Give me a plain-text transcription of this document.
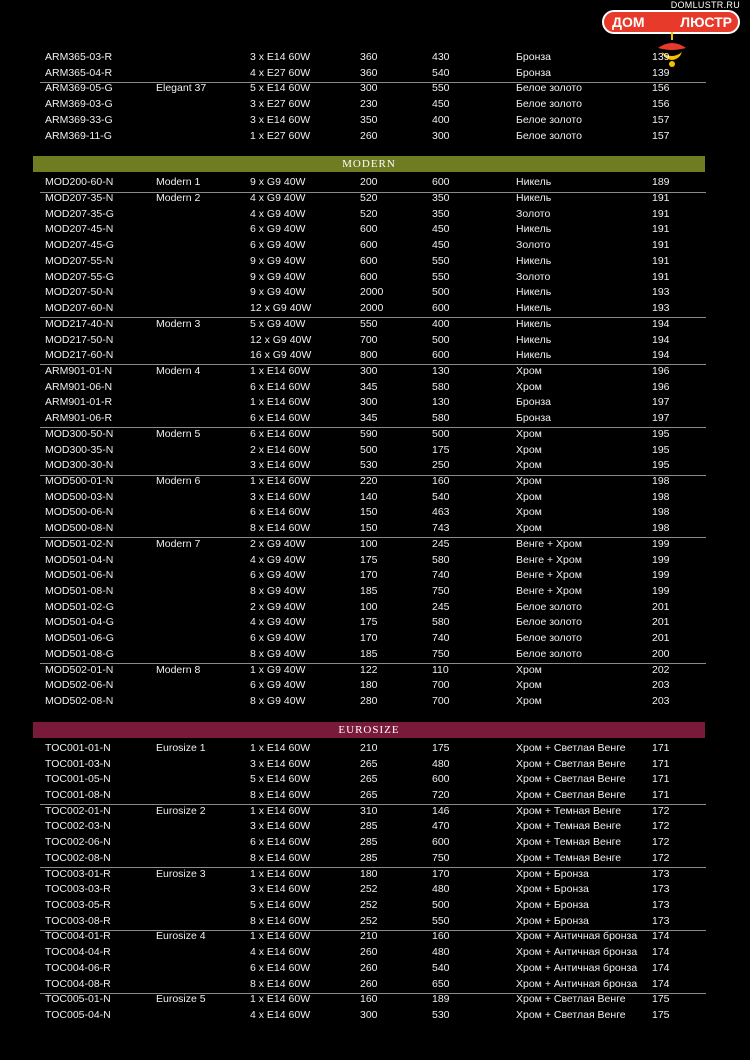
DOMLUSTR.RU
ДОМ	ЛЮСТР
ARM365-03-R	3 x E14 60W	360	430	Бронза	139
ARM365-04-R	4 x E27 60W	360	540	Бронза	139
ARM369-05-G	Elegant 37	5 x E14 60W	300	550	Белое золото	156
ARM369-03-G	3 x E27 60W	230	450	Белое золото	156
ARM369-33-G	3 x E14 60W	350	400	Белое золото	157
ARM369-11-G	1 x E27 60W	260	300	Белое золото	157
MODERN
MOD200-60-N	Modern 1	9 x G9 40W	200	600	Никель	189
MOD207-35-N	Modern 2	4 x G9 40W	520	350	Никель	191
MOD207-35-G	4 x G9 40W	520	350	Золото	191
MOD207-45-N	6 x G9 40W	600	450	Никель	191
MOD207-45-G	6 x G9 40W	600	450	Золото	191
MOD207-55-N	9 x G9 40W	600	550	Никель	191
MOD207-55-G	9 x G9 40W	600	550	Золото	191
MOD207-50-N	9 x G9 40W	2000	500	Никель	193
MOD207-60-N	12 x G9 40W	2000	600	Никель	193
MOD217-40-N	Modern 3	5 x G9 40W	550	400	Никель	194
MOD217-50-N	12 x G9 40W	700	500	Никель	194
MOD217-60-N	16 x G9 40W	800	600	Никель	194
ARM901-01-N	Modern 4	1 x E14 60W	300	130	Хром	196
ARM901-06-N	6 x E14 60W	345	580	Хром	196
ARM901-01-R	1 x E14 60W	300	130	Бронза	197
ARM901-06-R	6 x E14 60W	345	580	Бронза	197
MOD300-50-N	Modern 5	6 x E14 60W	590	500	Хром	195
MOD300-35-N	2 x E14 60W	500	175	Хром	195
MOD300-30-N	3 x E14 60W	530	250	Хром	195
MOD500-01-N	Modern 6	1 x E14 60W	220	160	Хром	198
MOD500-03-N	3 x E14 60W	140	540	Хром	198
MOD500-06-N	6 x E14 60W	150	463	Хром	198
MOD500-08-N	8 x E14 60W	150	743	Хром	198
MOD501-02-N	Modern 7	2 x G9 40W	100	245	Венге + Хром	199
MOD501-04-N	4 x G9 40W	175	580	Венге + Хром	199
MOD501-06-N	6 x G9 40W	170	740	Венге + Хром	199
MOD501-08-N	8 x G9 40W	185	750	Венге + Хром	199
MOD501-02-G	2 x G9 40W	100	245	Белое золото	201
MOD501-04-G	4 x G9 40W	175	580	Белое золото	201
MOD501-06-G	6 x G9 40W	170	740	Белое золото	201
MOD501-08-G	8 x G9 40W	185	750	Белое золото	200
MOD502-01-N	Modern 8	1 x G9 40W	122	110	Хром	202
MOD502-06-N	6 x G9 40W	180	700	Хром	203
MOD502-08-N	8 x G9 40W	280	700	Хром	203
EUROSIZE
TOC001-01-N	Eurosize 1	1 x E14 60W	210	175	Хром + Светлая Венге	171
TOC001-03-N	3 x E14 60W	265	480	Хром + Светлая Венге	171
TOC001-05-N	5 x E14 60W	265	600	Хром + Светлая Венге	171
TOC001-08-N	8 x E14 60W	265	720	Хром + Светлая Венге	171
TOC002-01-N	Eurosize 2	1 x E14 60W	310	146	Хром + Темная Венге	172
TOC002-03-N	3 x E14 60W	285	470	Хром + Темная Венге	172
TOC002-06-N	6 x E14 60W	285	600	Хром + Темная Венге	172
TOC002-08-N	8 x E14 60W	285	750	Хром + Темная Венге	172
TOC003-01-R	Eurosize 3	1 x E14 60W	180	170	Хром + Бронза	173
TOC003-03-R	3 x E14 60W	252	480	Хром + Бронза	173
TOC003-05-R	5 x E14 60W	252	500	Хром + Бронза	173
TOC003-08-R	8 x E14 60W	252	550	Хром + Бронза	173
TOC004-01-R	Eurosize 4	1 x E14 60W	210	160	Хром + Античная бронза 174
TOC004-04-R	4 x E14 60W	260	480	Хром + Античная бронза 174
TOC004-06-R	6 x E14 60W	260	540	Хром + Античная бронза 174
TOC004-08-R	8 x E14 60W	260	650	Хром + Античная бронза 174
TOC005-01-N	Eurosize 5	1 x E14 60W	160	189	Хром + Светлая Венге	175
TOC005-04-N	4 x E14 60W	300	530	Хром + Светлая Венге	175
